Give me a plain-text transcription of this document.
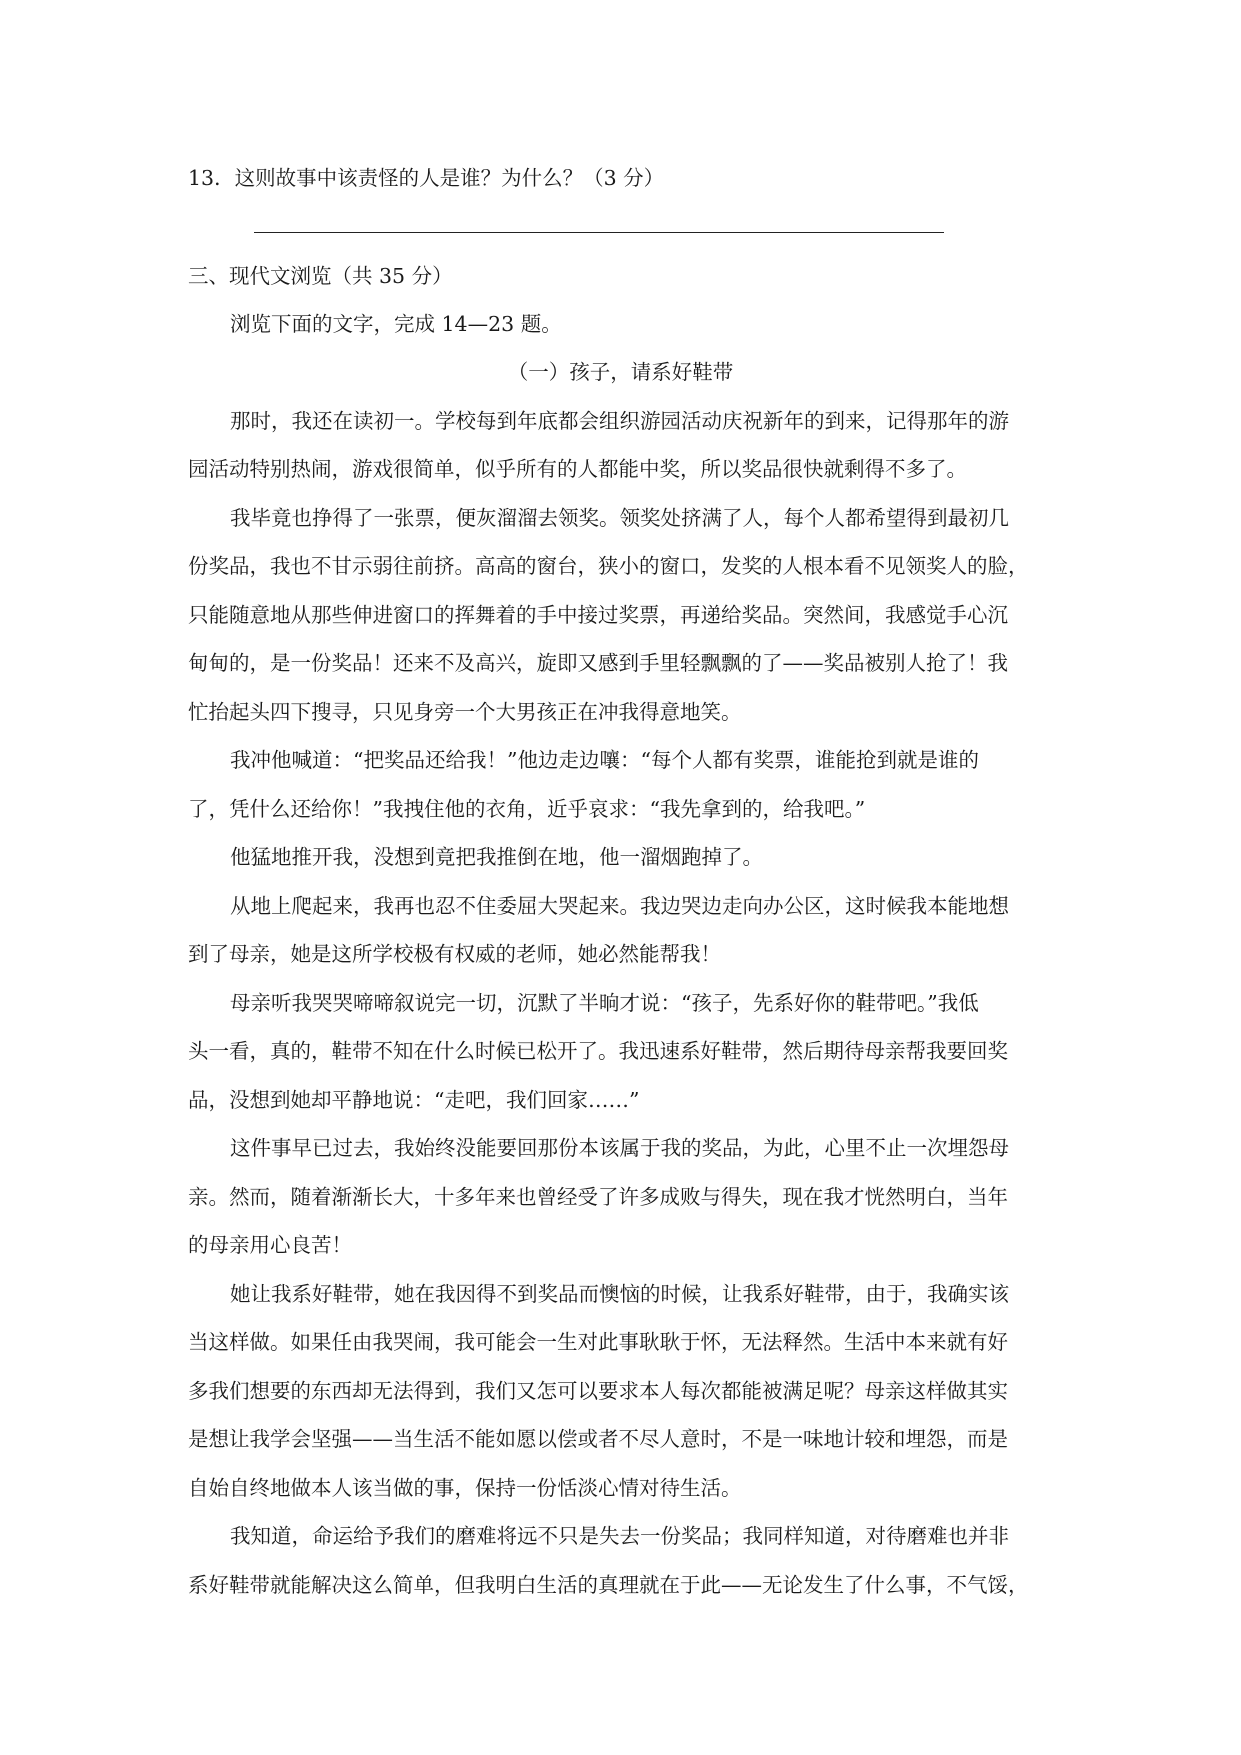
13．这则故事中该责怪的人是谁？为什么？（3 分）
三、现代文浏览（共 35 分）
浏览下面的文字，完成 14—23 题。
（一）孩子，请系好鞋带
那时，我还在读初一。学校每到年底都会组织游园活动庆祝新年的到来，记得那年的游
园活动特别热闹，游戏很简单，似乎所有的人都能中奖，所以奖品很快就剩得不多了。
我毕竟也挣得了一张票，便灰溜溜去领奖。领奖处挤满了人，每个人都希望得到最初几
份奖品，我也不甘示弱往前挤。高高的窗台，狭小的窗口，发奖的人根本看不见领奖人的脸，
只能随意地从那些伸进窗口的挥舞着的手中接过奖票，再递给奖品。突然间，我感觉手心沉
甸甸的，是一份奖品！还来不及高兴，旋即又感到手里轻飘飘的了——奖品被别人抢了！我
忙抬起头四下搜寻，只见身旁一个大男孩正在冲我得意地笑。
我冲他喊道：“把奖品还给我！”他边走边嚷：“每个人都有奖票，谁能抢到就是谁的
了，凭什么还给你！”我拽住他的衣角，近乎哀求：“我先拿到的，给我吧。”
他猛地推开我，没想到竟把我推倒在地，他一溜烟跑掉了。
从地上爬起来，我再也忍不住委屈大哭起来。我边哭边走向办公区，这时候我本能地想
到了母亲，她是这所学校极有权威的老师，她必然能帮我！
母亲听我哭哭啼啼叙说完一切，沉默了半晌才说：“孩子，先系好你的鞋带吧。”我低
头一看，真的，鞋带不知在什么时候已松开了。我迅速系好鞋带，然后期待母亲帮我要回奖
品，没想到她却平静地说：“走吧，我们回家……”
这件事早已过去，我始终没能要回那份本该属于我的奖品，为此，心里不止一次埋怨母
亲。然而，随着渐渐长大，十多年来也曾经受了许多成败与得失，现在我才恍然明白，当年
的母亲用心良苦！
她让我系好鞋带，她在我因得不到奖品而懊恼的时候，让我系好鞋带，由于，我确实该
当这样做。如果任由我哭闹，我可能会一生对此事耿耿于怀，无法释然。生活中本来就有好
多我们想要的东西却无法得到，我们又怎可以要求本人每次都能被满足呢？母亲这样做其实
是想让我学会坚强——当生活不能如愿以偿或者不尽人意时，不是一味地计较和埋怨，而是
自始自终地做本人该当做的事，保持一份恬淡心情对待生活。
我知道，命运给予我们的磨难将远不只是失去一份奖品；我同样知道，对待磨难也并非
系好鞋带就能解决这么简单，但我明白生活的真理就在于此——无论发生了什么事，不气馁，
